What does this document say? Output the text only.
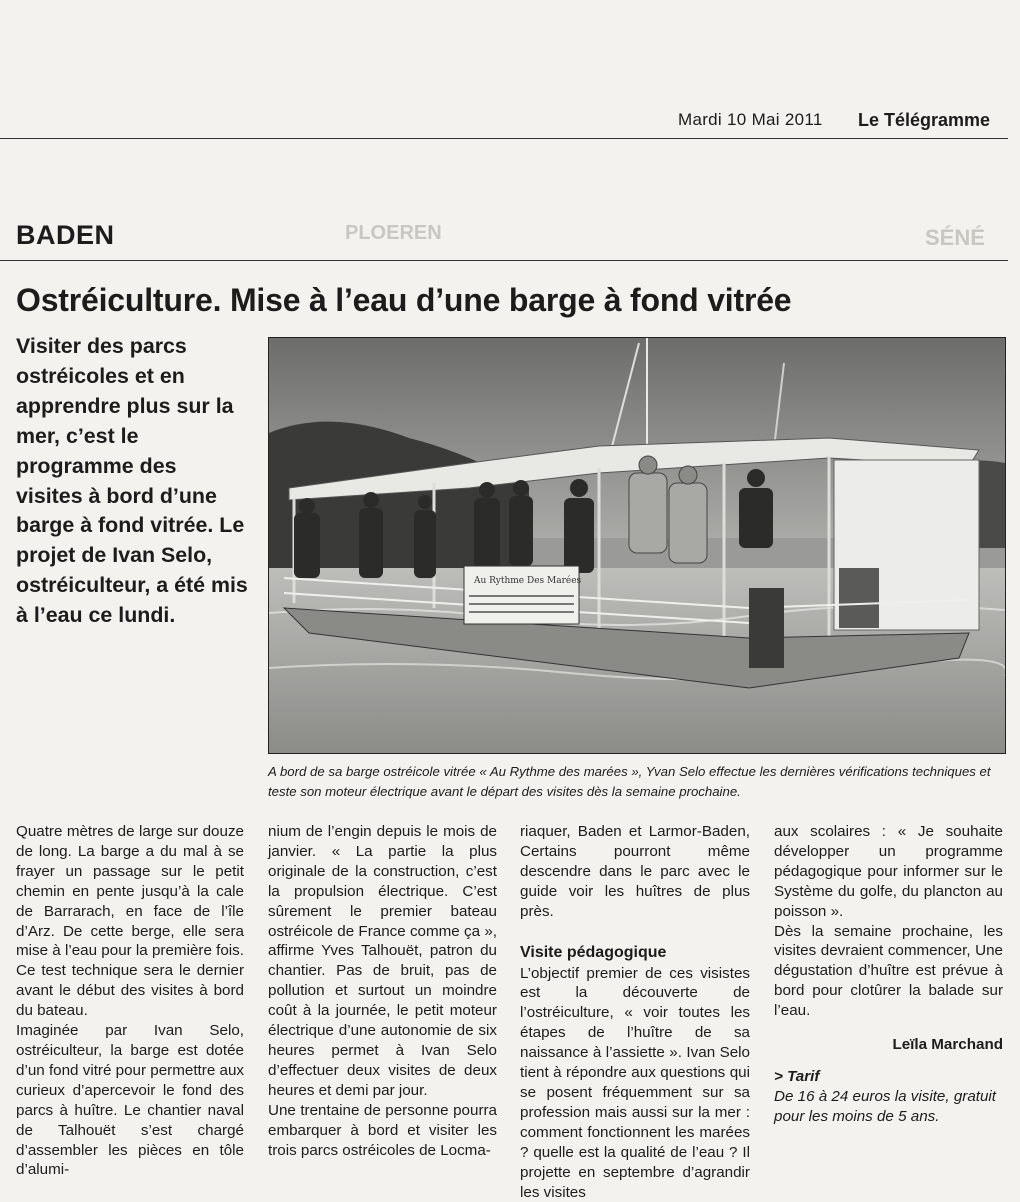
PLOEREN	SÉNÉ
Mardi 10 Mai 2011 Le Télégramme
BADEN
Ostréiculture. Mise à l’eau d’une barge à fond vitrée
Visiter des parcs ostréicoles et en apprendre plus sur la mer, c’est le programme des visites à bord d’une barge à fond vitrée. Le projet de Ivan Selo, ostréiculteur, a été mis à l’eau ce lundi.
Au Rythme Des Marées
A bord de sa barge ostréicole vitrée « Au Rythme des marées », Yvan Selo effectue les dernières vérifications techniques et teste son moteur électrique avant le départ des visites dès la semaine prochaine.

Quatre mètres de large sur douze de long. La barge a du mal à se frayer un passage sur le petit chemin en pente jusqu’à la cale de Barrarach, en face de l’île d’Arz. De cette berge, elle sera mise à l’eau pour la première fois. Ce test technique sera le dernier avant le début des visites à bord du bateau.

Imaginée par Ivan Selo, ostréiculteur, la barge est dotée d’un fond vitré pour permettre aux curieux d’apercevoir le fond des parcs à huître. Le chantier naval de Talhouët s’est chargé d’assembler les pièces en tôle d’alumi-

nium de l’engin depuis le mois de janvier. « La partie la plus originale de la construction, c’est la propulsion électrique. C’est sûrement le premier bateau ostréicole de France comme ça », affirme Yves Talhouët, patron du chantier. Pas de bruit, pas de pollution et surtout un moindre coût à la journée, le petit moteur électrique d’une autonomie de six heures permet à Ivan Selo d’effectuer deux visites de deux heures et demi par jour.

Une trentaine de personne pourra embarquer à bord et visiter les trois parcs ostréicoles de Locma-

riaquer, Baden et Larmor-Baden, Certains pourront même descendre dans le parc avec le guide voir les huîtres de plus près.

Visite pédagogique

L’objectif premier de ces visistes est la découverte de l’ostréiculture, « voir toutes les étapes de l’huître de sa naissance à l’assiette ». Ivan Selo tient à répondre aux questions qui se posent fréquemment sur sa profession mais aussi sur la mer : comment fonctionnent les marées ? quelle est la qualité de l’eau ? Il projette en septembre d’agrandir les visites

aux scolaires : « Je souhaite développer un programme pédagogique pour informer sur le Système du golfe, du plancton au poisson ».

Dès la semaine prochaine, les visites devraient commencer, Une dégustation d’huître est prévue à bord pour clotûrer la balade sur l’eau.

Leïla Marchand

> Tarif

De 16 à 24 euros la visite, gratuit pour les moins de 5 ans.
